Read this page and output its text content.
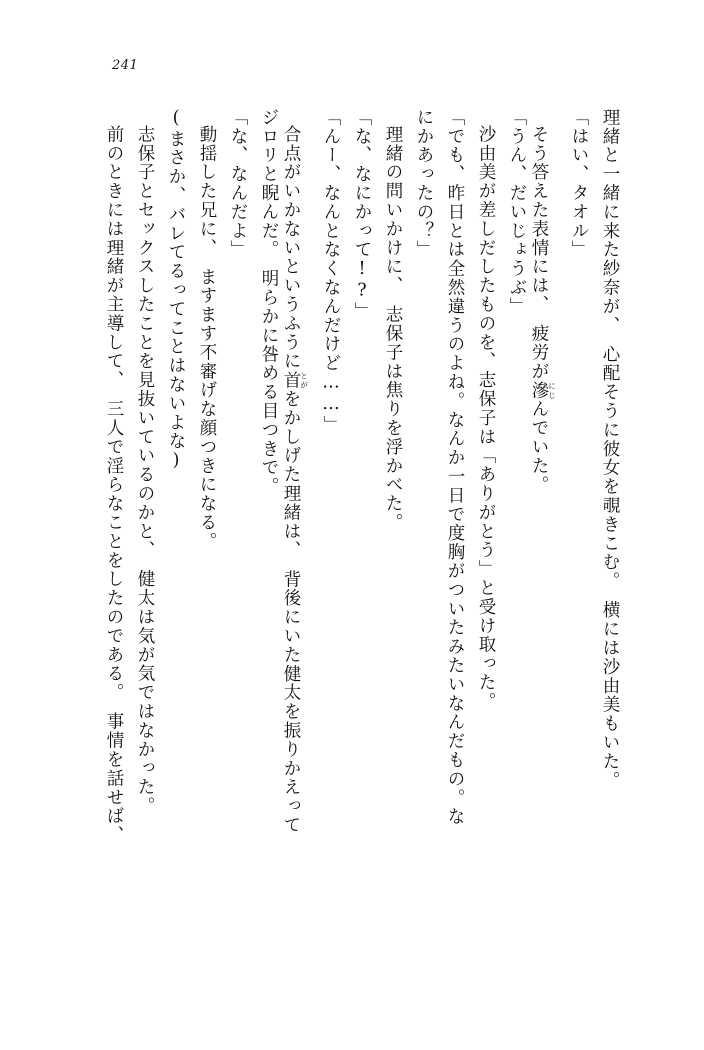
241
理緒と一緒に来た紗奈が、　心配そうに彼女を覗きこむ。　横には沙由美もいた。
「はい、タオル」
そう答えた表情には、　疲労が滲にじんでいた。
「うん、だいじょうぶ」
沙由美が差しだしたものを、志保子は「ありがとう」と受け取った。
「でも、昨日とは全然違うのよね。なんか一日で度胸がついたみたいなんだもの。な
にかあったの？」
理緒の問いかけに、　志保子は焦りを浮かべた。
「な、なにかって!?」
「んー、なんとなくなんだけど……」
合点がいかないというふうに首とがをかしげた理緒は、　背後にいた健太を振りかえって
ジロリと睨んだ。　明らかに咎める目つきで。
「な、なんだよ」
動揺した兄に、　ますます不審げな顔つきになる。
(まさか、バレてるってことはないよな)
志保子とセックスしたことを見抜いているのかと、　健太は気が気ではなかった。
前のときには理緒が主導して、　三人で淫らなことをしたのである。　事情を話せば、
